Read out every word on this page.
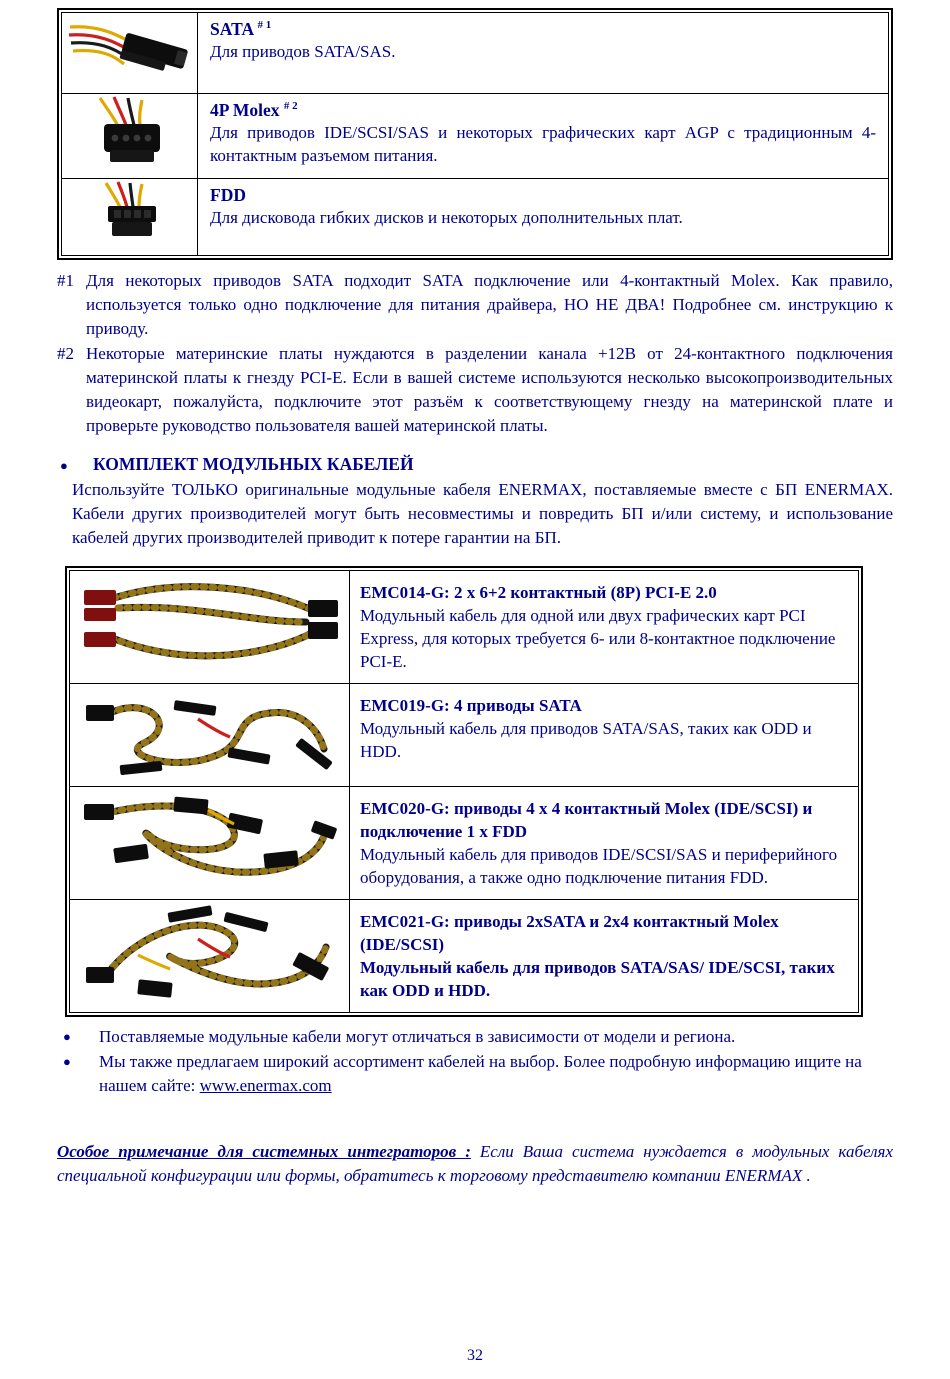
SATA $^{\# 1}$
Для приводов SATA/SAS.

4P Molex $^{\# 2}$
Для приводов IDE/SCSI/SAS и некоторых графических карт AGP с традиционным 4-контактным разъемом питания.

FDD
Для дисковода гибких дисков и некоторых дополнительных плат.
#1 Для некоторых приводов SATA подходит SATA подключение или 4-контактный Molex. Как правило, используется только одно подключение для питания драйвера, НО НЕ ДВА! Подробнее см. инструкцию к приводу.
#2 Некоторые материнские платы нуждаются в разделении канала +12В от 24-контактного подключения материнской платы к гнезду PCI-E. Если в вашей системе используются несколько высокопроизводительных видеокарт, пожалуйста, подключите этот разъём к соответствующему гнезду на материнской плате и проверьте руководство пользователя вашей материнской платы.
●	КОМПЛЕКТ МОДУЛЬНЫХ КАБЕЛЕЙ

Используйте ТОЛЬКО оригинальные модульные кабеля ENERMAX, поставляемые вместе с БП ENERMAX. Кабели других производителей могут быть несовместимы и повредить БП и/или систему, и использование кабелей других производителей приводит к потере гарантии на БП.

EMC014-G: 2 x 6+2 контактный (8P) PCI-E 2.0
Модульный кабель для одной или двух графических карт PCI Express, для которых требуется 6- или 8-контактное подключение PCI-E.

EMC019-G: 4 приводы SATA
Модульный кабель для приводов SATA/SAS, таких как ODD и HDD.

EMC020-G: приводы 4 x 4 контактный Molex (IDE/SCSI) и подключение 1 x FDD
Модульный кабель для приводов IDE/SCSI/SAS и периферийного оборудования, а также одно подключение питания FDD.

EMC021-G: приводы 2xSATA и 2x4 контактный Molex (IDE/SCSI)
Модульный кабель для приводов SATA/SAS/ IDE/SCSI, таких как ODD и HDD.
●	Поставляемые модульные кабели могут отличаться в зависимости от модели и региона.
●	Мы также предлагаем широкий ассортимент кабелей на выбор. Более подробную информацию ищите на нашем сайте: www.enermax.com

Особое примечание для системных интеграторов : Если Ваша система нуждается в модульных кабелях специальной конфигурации или формы, обратитесь к торговому представителю компании ENERMAX .

32
